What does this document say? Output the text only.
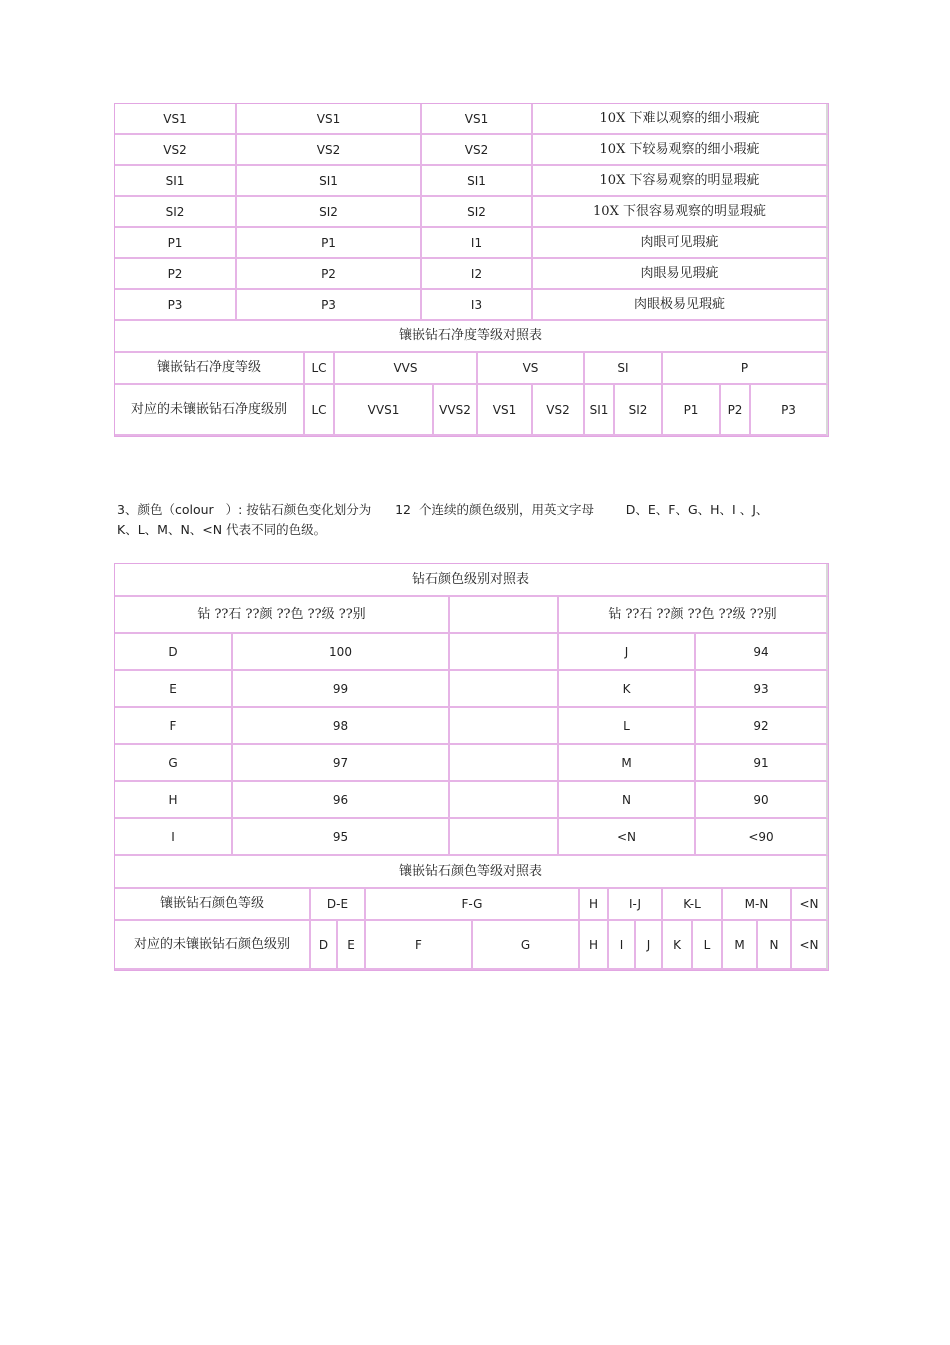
VS1	VS1	VS1	10X 下难以观察的细小瑕疵
VS2	VS2	VS2	10X 下较易观察的细小瑕疵
SI1	SI1	SI1	10X 下容易观察的明显瑕疵
SI2	SI2	SI2	10X 下很容易观察的明显瑕疵
P1	P1	I1	肉眼可见瑕疵
P2	P2	I2	肉眼易见瑕疵
P3	P3	I3	肉眼极易见瑕疵
镶嵌钻石净度等级对照表
镶嵌钻石净度等级	LC	VVS	VS	SI	P
对应的未镶嵌钻石净度级别	LC	VVS1	VVS2	VS1	VS2	SI1	SI2	P1	P2	P3
3、颜色（colour   ）: 按钻石颜色变化划分为      12  个连续的颜色级别，用英文字母        D、E、F、G、H、I 、J、
K、L、M、N、<N 代表不同的色级。
钻石颜色级别对照表
钻 ??石 ??颜 ??色 ??级 ??别	钻 ??石 ??颜 ??色 ??级 ??别
D	100	J	94
E	99	K	93
F	98	L	92
G	97	M	91
H	96	N	90
I	95	<N	<90
镶嵌钻石颜色等级对照表
镶嵌钻石颜色等级	D-E	F-G	H	I-J	K-L	M-N	<N
对应的未镶嵌钻石颜色级别	D	E	F	G	H	I	J	K	L	M	N	<N
